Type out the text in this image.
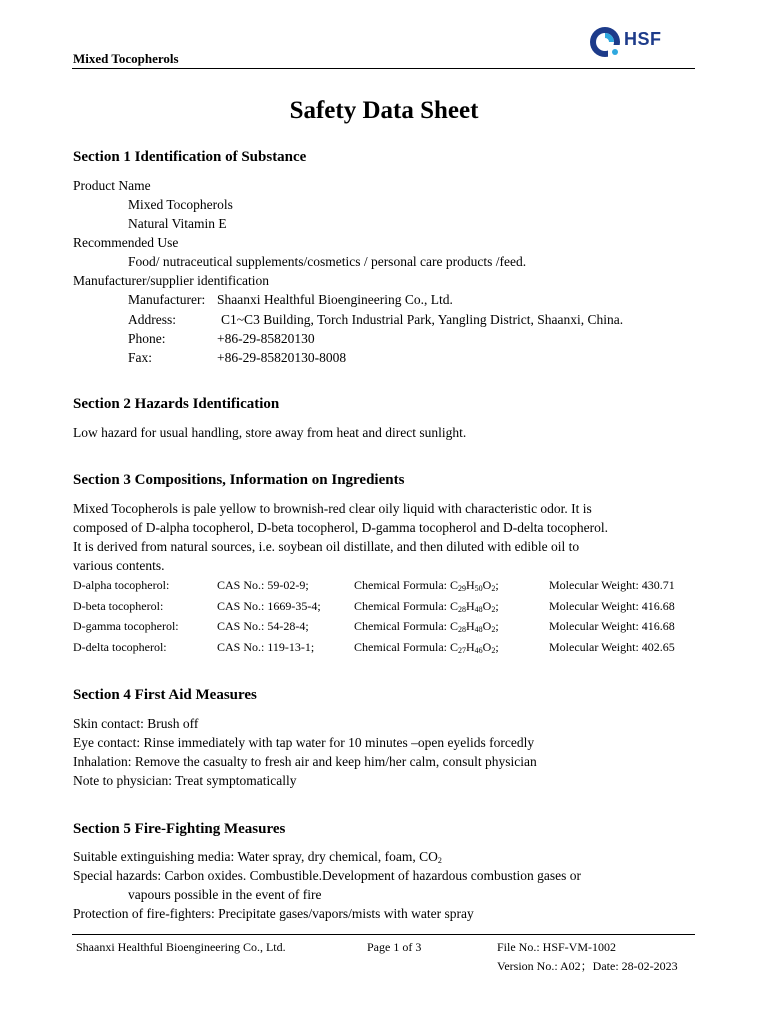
Mixed Tocopherols
HSF
Safety Data Sheet
Section 1 Identification of Substance
Product Name
Mixed Tocopherols
Natural Vitamin E
Recommended Use
Food/ nutraceutical supplements/cosmetics / personal care products /feed.
Manufacturer/supplier identification
Manufacturer: Shaanxi Healthful Bioengineering Co., Ltd.
Address:	C1~C3 Building, Torch Industrial Park, Yangling District, Shaanxi, China.
Phone:	+86-29-85820130
Fax:	+86-29-85820130-8008
Section 2 Hazards Identification
Low hazard for usual handling, store away from heat and direct sunlight.
Section 3 Compositions, Information on Ingredients
Mixed Tocopherols is pale yellow to brownish-red clear oily liquid with characteristic odor. It is
composed of D-alpha tocopherol, D-beta tocopherol, D-gamma tocopherol and D-delta tocopherol.
It is derived from natural sources, i.e. soybean oil distillate, and then diluted with edible oil to
various contents.
D-alpha tocopherol:	CAS No.: 59-02-9;	Chemical Formula: $C_{29}H_{50}O_2$;	Molecular Weight: 430.71
D-beta tocopherol:	CAS No.: 1669-35-4;	Chemical Formula: $C_{28}H_{48}O_2$;	Molecular Weight: 416.68
D-gamma tocopherol:	CAS No.: 54-28-4;	Chemical Formula: $C_{28}H_{48}O_2$;	Molecular Weight: 416.68
D-delta tocopherol:	CAS No.: 119-13-1;	Chemical Formula: $C_{27}H_{46}O_2$;	Molecular Weight: 402.65
Section 4 First Aid Measures
Skin contact: Brush off
Eye contact: Rinse immediately with tap water for 10 minutes –open eyelids forcedly
Inhalation: Remove the casualty to fresh air and keep him/her calm, consult physician
Note to physician: Treat symptomatically
Section 5 Fire-Fighting Measures
Suitable extinguishing media: Water spray, dry chemical, foam, $CO_2$
Special hazards: Carbon oxides. Combustible.Development of hazardous combustion gases or
vapours possible in the event of fire
Protection of fire-fighters: Precipitate gases/vapors/mists with water spray
Shaanxi Healthful Bioengineering Co., Ltd.	Page 1 of 3	File No.: HSF-VM-1002
Version No.: A02；Date: 28-02-2023
